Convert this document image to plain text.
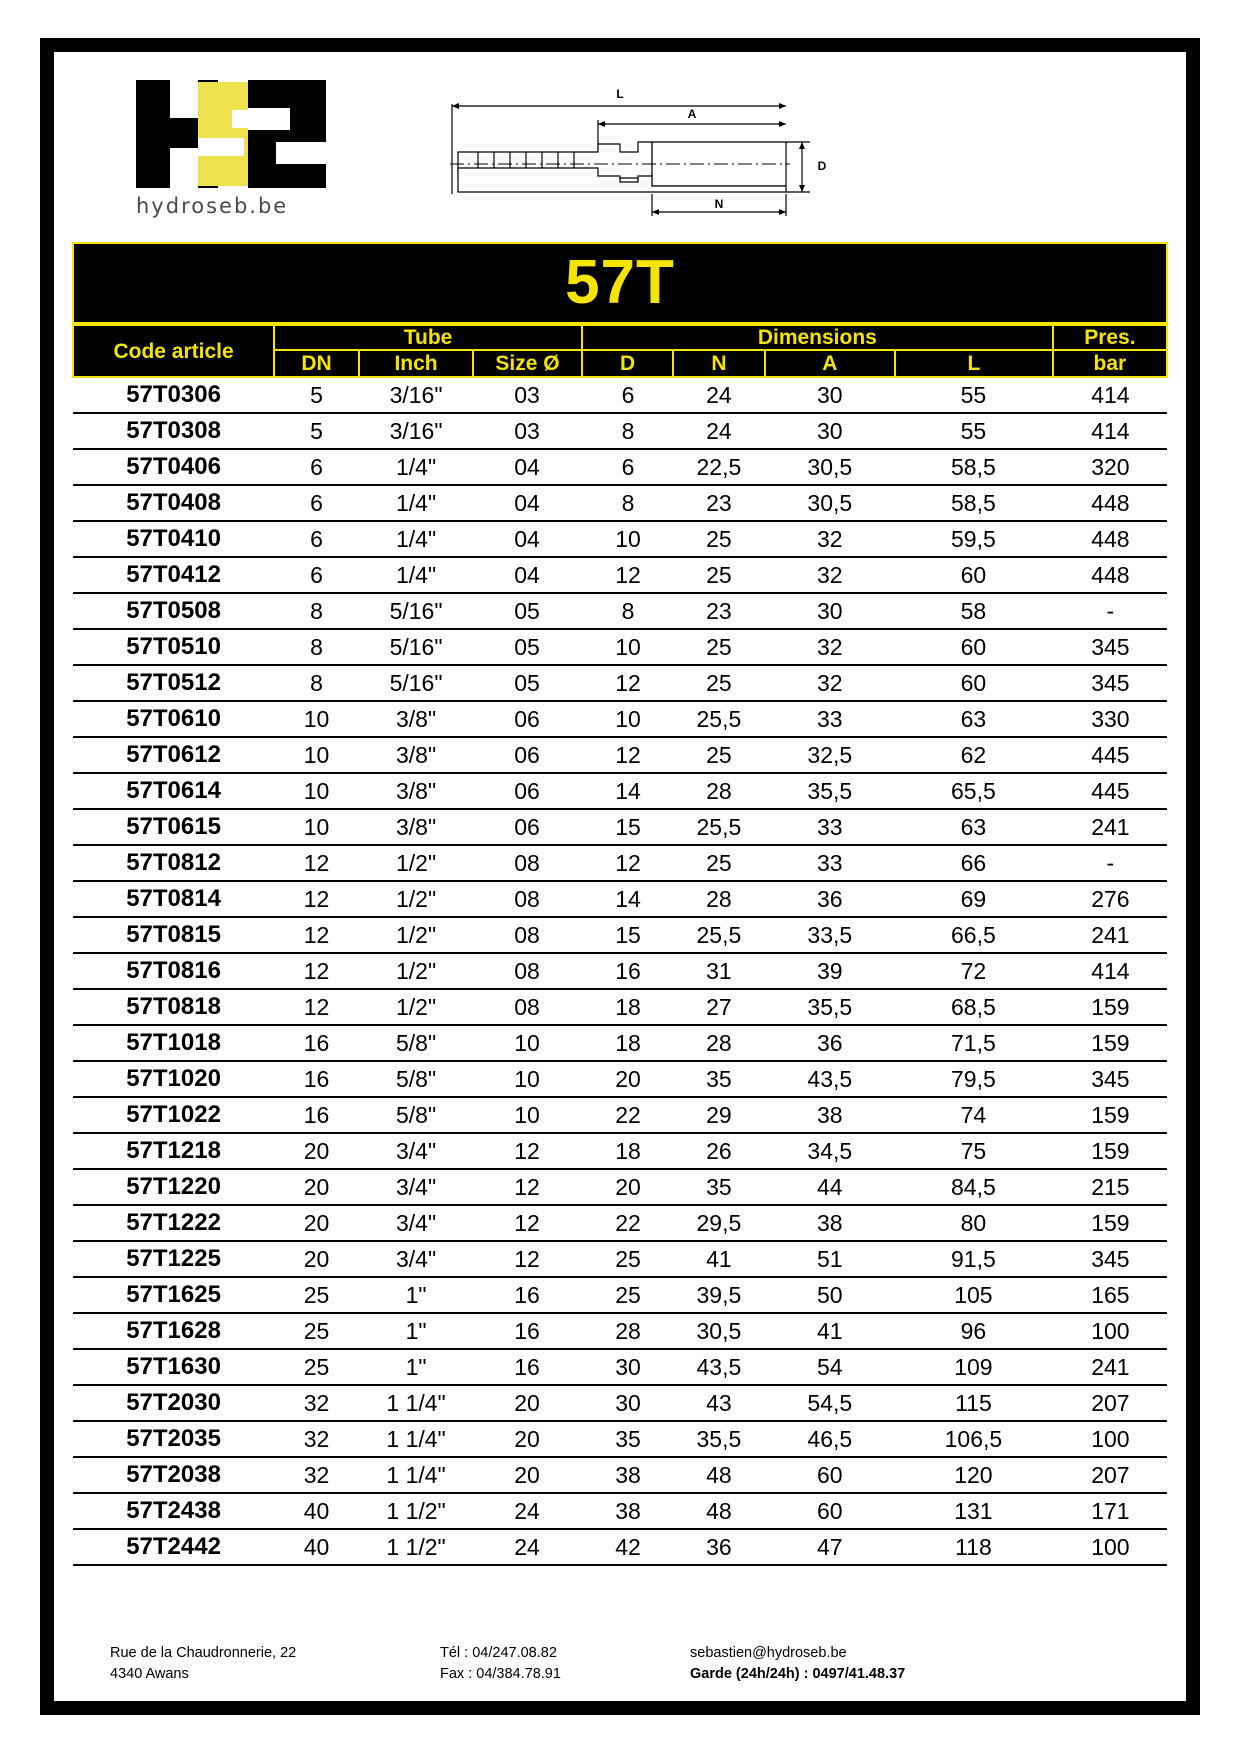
hydroseb.be
L
A
D
N
57T
Code article	Tube			Dimensions				Pres.
	DN	Inch	Size Ø	D	N	A	L	bar
57T0306	5	3/16"	03	6	24	30	55	414
57T0308	5	3/16"	03	8	24	30	55	414
57T0406	6	1/4"	04	6	22,5	30,5	58,5	320
57T0408	6	1/4"	04	8	23	30,5	58,5	448
57T0410	6	1/4"	04	10	25	32	59,5	448
57T0412	6	1/4"	04	12	25	32	60	448
57T0508	8	5/16"	05	8	23	30	58	-
57T0510	8	5/16"	05	10	25	32	60	345
57T0512	8	5/16"	05	12	25	32	60	345
57T0610	10	3/8"	06	10	25,5	33	63	330
57T0612	10	3/8"	06	12	25	32,5	62	445
57T0614	10	3/8"	06	14	28	35,5	65,5	445
57T0615	10	3/8"	06	15	25,5	33	63	241
57T0812	12	1/2"	08	12	25	33	66	-
57T0814	12	1/2"	08	14	28	36	69	276
57T0815	12	1/2"	08	15	25,5	33,5	66,5	241
57T0816	12	1/2"	08	16	31	39	72	414
57T0818	12	1/2"	08	18	27	35,5	68,5	159
57T1018	16	5/8"	10	18	28	36	71,5	159
57T1020	16	5/8"	10	20	35	43,5	79,5	345
57T1022	16	5/8"	10	22	29	38	74	159
57T1218	20	3/4"	12	18	26	34,5	75	159
57T1220	20	3/4"	12	20	35	44	84,5	215
57T1222	20	3/4"	12	22	29,5	38	80	159
57T1225	20	3/4"	12	25	41	51	91,5	345
57T1625	25	1"	16	25	39,5	50	105	165
57T1628	25	1"	16	28	30,5	41	96	100
57T1630	25	1"	16	30	43,5	54	109	241
57T2030	32	1 1/4"	20	30	43	54,5	115	207
57T2035	32	1 1/4"	20	35	35,5	46,5	106,5	100
57T2038	32	1 1/4"	20	38	48	60	120	207
57T2438	40	1 1/2"	24	38	48	60	131	171
57T2442	40	1 1/2"	24	42	36	47	118	100
Rue de la Chaudronnerie, 22
4340 Awans
Tél : 04/247.08.82
Fax : 04/384.78.91
sebastien@hydroseb.be
Garde (24h/24h) : 0497/41.48.37
